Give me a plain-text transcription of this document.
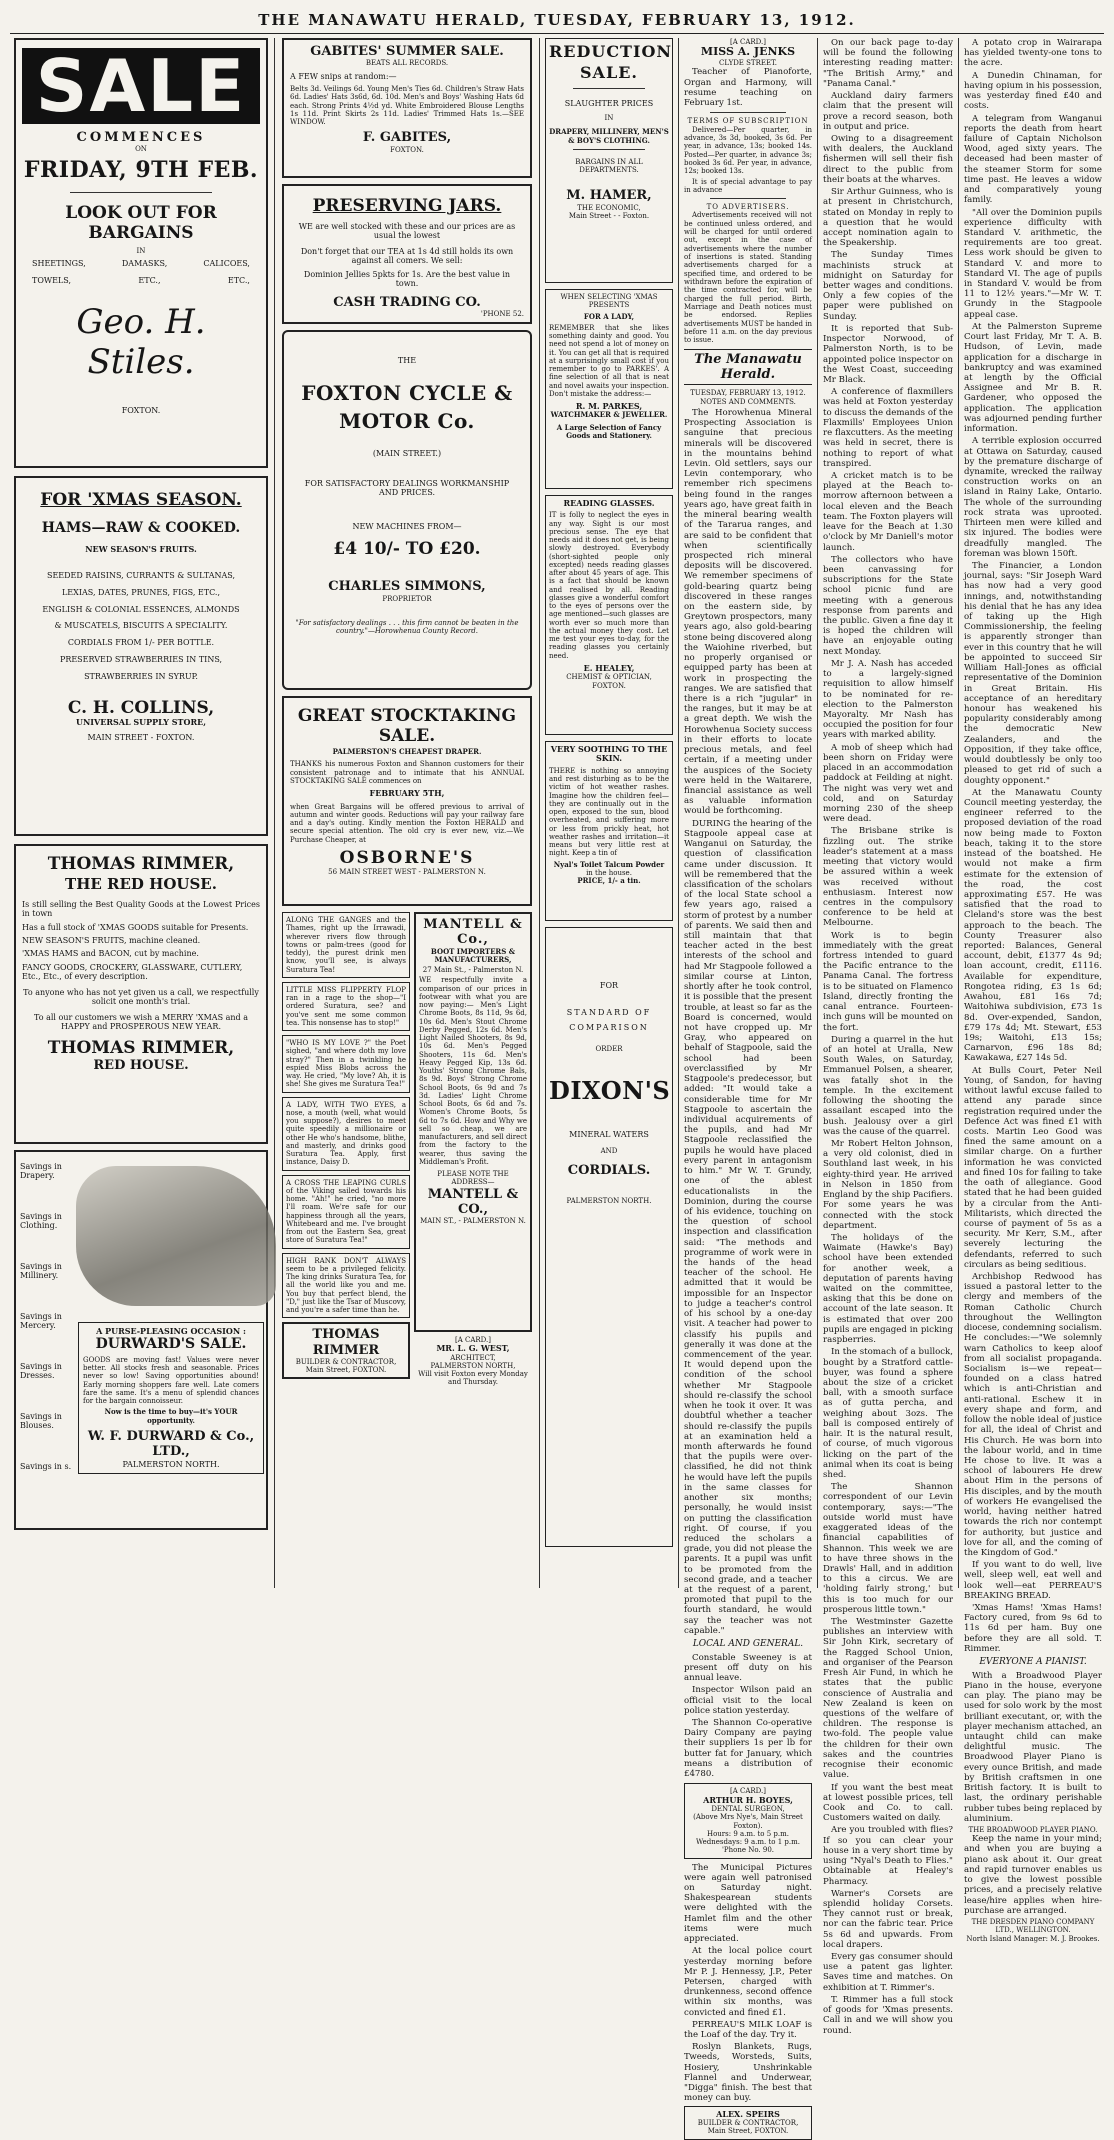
THE MANAWATU HERALD, TUESDAY, FEBRUARY 13, 1912.
SALE
COMMENCES
ON
FRIDAY, 9TH FEB.
LOOK OUT FOR BARGAINS
IN
SHEETINGS,	DAMASKS,	CALICOES,
TOWELS,	ETC.,	ETC.,
Geo. H. Stiles.
FOXTON.
FOR 'XMAS SEASON.
HAMS—RAW & COOKED.
NEW SEASON'S FRUITS.
SEEDED RAISINS, CURRANTS & SULTANAS,
LEXIAS, DATES, PRUNES, FIGS, ETC.,
ENGLISH & COLONIAL ESSENCES, ALMONDS
& MUSCATELS, BISCUITS A SPECIALITY.
CORDIALS FROM 1/- PER BOTTLE.
PRESERVED STRAWBERRIES IN TINS,
STRAWBERRIES IN SYRUP.
C. H. COLLINS,
UNIVERSAL SUPPLY STORE,
MAIN STREET - FOXTON.
THOMAS RIMMER,
THE RED HOUSE.
Is still selling the Best Quality Goods at the Lowest Prices in town
Has a full stock of 'XMAS GOODS suitable for Presents.
NEW SEASON'S FRUITS, machine cleaned.
'XMAS HAMS and BACON, cut by machine.
FANCY GOODS, CROCKERY, GLASSWARE, CUTLERY, Etc., Etc., of every description.
To anyone who has not yet given us a call, we respectfully solicit one month's trial.
To all our customers we wish a MERRY 'XMAS and a HAPPY and PROSPEROUS NEW YEAR.
THOMAS RIMMER,
RED HOUSE.
Savings in Drapery.
Savings in Clothing.
Savings in Millinery.
Savings in Mercery.
Savings in Dresses.
Savings in Blouses.
Savings in s.
A PURSE-PLEASING OCCASION :
DURWARD'S SALE.
GOODS are moving fast! Values were never better. All stocks fresh and seasonable. Prices never so low! Saving opportunities abound! Early morning shoppers fare well. Late comers fare the same. It's a menu of splendid chances for the bargain connoisseur.
Now is the time to buy—it's YOUR opportunity.
W. F. DURWARD & Co., LTD.,
PALMERSTON NORTH.
GABITES' SUMMER SALE.
BEATS ALL RECORDS.
A FEW snips at random:—
Belts 3d. Veilings 6d. Young Men's Ties 6d. Children's Straw Hats 6d. Ladies' Hats 3s6d, 6d. 10d. Men's and Boys' Washing Hats 6d each. Strong Prints 4½d yd. White Embroidered Blouse Lengths 1s 11d. Print Skirts 2s 11d. Ladies' Trimmed Hats 1s.—SEE WINDOW.
F. GABITES,
FOXTON.
PRESERVING JARS.
WE are well stocked with these and our prices are as usual the lowest
Don't forget that our TEA at 1s 4d still holds its own against all comers. We sell:
Dominion Jellies 5pkts for 1s. Are the best value in town.
CASH TRADING CO.
'PHONE 52.
THE
FOXTON CYCLE & MOTOR Co.
(MAIN STREET.)
FOR SATISFACTORY DEALINGS WORKMANSHIP AND PRICES.
NEW MACHINES FROM—
£4 10/- TO £20.
CHARLES SIMMONS,
PROPRIETOR
"For satisfactory dealings . . . this firm cannot be beaten in the country."—Horowhenua County Record.
GREAT STOCKTAKING SALE.
PALMERSTON'S CHEAPEST DRAPER.
THANKS his numerous Foxton and Shannon customers for their consistent patronage and to intimate that his ANNUAL STOCKTAKING SALE commences on
FEBRUARY 5TH,
when Great Bargains will be offered previous to arrival of autumn and winter goods. Reductions will pay your railway fare and a day's outing. Kindly mention the Foxton HERALD and secure special attention. The old cry is ever new, viz.—We Purchase Cheaper, at
OSBORNE'S
56 MAIN STREET WEST - PALMERSTON N.
ALONG THE GANGES and the Thames, right up the Irrawadi, wherever rivers flow through towns or palm-trees (good for teddy), the purest drink men know, you'll see, is always Suratura Tea!
LITTLE MISS FLIPPERTY FLOP ran in a rage to the shop—"I ordered Suratura, see? and you've sent me some common tea. This nonsense has to stop!"
"WHO IS MY LOVE ?" the Poet sighed, "and where doth my love stray?" Then in a twinkling he espied Miss Blobs across the way. He cried, "My love? Ah, it is she! She gives me Suratura Tea!"
A LADY, WITH TWO EYES, a nose, a mouth (well, what would you suppose?), desires to meet quite speedily a millionaire or other He who's handsome, blithe, and masterly, and drinks good Suratura Tea. Apply, first instance, Daisy D.
A CROSS THE LEAPING CURLS of the Viking sailed towards his home. "Ah!" he cried, "no more I'll roam. We're safe for our happiness through all the years, Whitebeard and me. I've brought from out the Eastern Sea, great store of Suratura Tea!"
HIGH RANK DON'T ALWAYS seem to be a privileged felicity. The king drinks Suratura Tea, for all the world like you and me. You buy that perfect blend, the "D," just like the Tsar of Muscovy, and you're a safer time than he.
THOMAS RIMMER
BUILDER & CONTRACTOR,
Main Street, FOXTON.
MANTELL & Co.,
BOOT IMPORTERS & MANUFACTURERS,
27 Main St., - Palmerston N.
WE respectfully invite a comparison of our prices in footwear with what you are now paying:— Men's Light Chrome Boots, 8s 11d, 9s 6d, 10s 6d. Men's Stout Chrome Derby Pegged, 12s 6d. Men's Light Nailed Shooters, 8s 9d, 10s 6d. Men's Pegged Shooters, 11s 6d. Men's Heavy Pegged Kip, 13s 6d. Youths' Strong Chrome Bals, 8s 9d. Boys' Strong Chrome School Boots, 6s 9d and 7s 3d. Ladies' Light Chrome School Boots, 6s 6d and 7s. Women's Chrome Boots, 5s 6d to 7s 6d. How and Why we sell so cheap, we are manufacturers, and sell direct from the factory to the wearer, thus saving the Middleman's Profit.
PLEASE NOTE THE ADDRESS—
MANTELL & CO.,
MAIN ST., - PALMERSTON N.
[A CARD.]
MR. L. G. WEST,
ARCHITECT,
PALMERSTON NORTH,
Will visit Foxton every Monday and Thursday.
REDUCTION SALE.
SLAUGHTER PRICES
IN
DRAPERY, MILLINERY, MEN'S & BOY'S CLOTHING.
BARGAINS IN ALL DEPARTMENTS.
M. HAMER,
THE ECONOMIC,
Main Street - - Foxton.
WHEN SELECTING 'XMAS PRESENTS
FOR A LADY,
REMEMBER that she likes something dainty and good. You need not spend a lot of money on it. You can get all that is required at a surprisingly small cost if you remember to go to PARKES'. A fine selection of all that is neat and novel awaits your inspection. Don't mistake the address:—
R. M. PARKES,
WATCHMAKER & JEWELLER.
A Large Selection of Fancy Goods and Stationery.
READING GLASSES.
IT is folly to neglect the eyes in any way. Sight is our most precious sense. The eye that needs aid it does not get, is being slowly destroyed. Everybody (short-sighted people only excepted) needs reading glasses after about 45 years of age. This is a fact that should be known and realised by all. Reading glasses give a wonderful comfort to the eyes of persons over the age mentioned—such glasses are worth ever so much more than the actual money they cost. Let me test your eyes to-day, for the reading glasses you certainly need.
E. HEALEY,
CHEMIST & OPTICIAN,
FOXTON.
VERY SOOTHING TO THE SKIN.
THERE is nothing so annoying and rest disturbing as to be the victim of hot weather rashes. Imagine how the children feel—they are continually out in the open, exposed to the sun, blood overheated, and suffering more or less from prickly heat, hot weather rashes and irritation—it means but very little rest at night. Keep a tin of
Nyal's Toilet Talcum Powder
in the house.
PRICE, 1/- a tin.
FOR
STANDARD OF COMPARISON
ORDER
DIXON'S
MINERAL WATERS
AND
CORDIALS.
PALMERSTON NORTH.
[A CARD.]
MISS A. JENKS
CLYDE STREET.

Teacher of Pianoforte, Organ and Harmony, will resume teaching on February 1st.

TERMS OF SUBSCRIPTION

Delivered—Per quarter, in advance, 3s 3d, booked, 3s 6d. Per year, in advance, 13s; booked 14s. Posted—Per quarter, in advance 3s; booked 3s 6d. Per year, in advance, 12s; booked 13s.

It is of special advantage to pay in advance

TO ADVERTISERS.

Advertisements received will not be continued unless ordered, and will be charged for until ordered out, except in the case of advertisements where the number of insertions is stated. Standing advertisements charged for a specified time, and ordered to be withdrawn before the expiration of the time contracted for, will be charged the full period. Birth, Marriage and Death notices must be endorsed. Replies advertisements MUST be handed in before 11 a.m. on the day previous to issue.

The Manawatu Herald.
TUESDAY, FEBRUARY 13, 1912.
NOTES AND COMMENTS.

The Horowhenua Mineral Prospecting Association is sanguine that precious minerals will be discovered in the mountains behind Levin. Old settlers, says our Levin contemporary, who remember rich specimens being found in the ranges years ago, have great faith in the mineral bearing wealth of the Tararua ranges, and are said to be confident that when scientifically prospected rich mineral deposits will be discovered. We remember specimens of gold-bearing quartz being discovered in these ranges on the eastern side, by Greytown prospectors, many years ago, also gold-bearing stone being discovered along the Waiohine riverbed, but no properly organised or equipped party has been at work in prospecting the ranges. We are satisfied that there is a rich "jugular" in the ranges, but it may be at a great depth. We wish the Horowhenua Society success in their efforts to locate precious metals, and feel certain, if a meeting under the auspices of the Society were held in the Waitarere, financial assistance as well as valuable information would be forthcoming.

DURING the hearing of the Stagpoole appeal case at Wanganui on Saturday, the question of classification came under discussion. It will be remembered that the classification of the scholars of the local State school a few years ago, raised a storm of protest by a number of parents. We said then and still maintain that that teacher acted in the best interests of the school and had Mr Stagpoole followed a similar course at Linton, shortly after he took control, it is possible that the present trouble, at least so far as the Board is concerned, would not have cropped up. Mr Gray, who appeared on behalf of Stagpoole, said the school had been overclassified by Mr Stagpoole's predecessor, but added: "It would take a considerable time for Mr Stagpoole to ascertain the individual acquirements of the pupils, and had Mr Stagpoole reclassified the pupils he would have placed every parent in antagonism to him." Mr W. T. Grundy, one of the ablest educationalists in the Dominion, during the course of his evidence, touching on the question of school inspection and classification said: "The methods and programme of work were in the hands of the head teacher of the school. He admitted that it would be impossible for an Inspector to judge a teacher's control of his school by a one-day visit. A teacher had power to classify his pupils and generally it was done at the commencement of the year. It would depend upon the condition of the school whether Mr Stagpoole should re-classify the school when he took it over. It was doubtful whether a teacher should re-classify the pupils at an examination held a month afterwards he found that the pupils were over-classified, he did not think he would have left the pupils in the same classes for another six months; personally, he would insist on putting the classification right. Of course, if you reduced the scholars a grade, you did not please the parents. It a pupil was unfit to be promoted from the second grade, and a teacher at the request of a parent, promoted that pupil to the fourth standard, he would say the teacher was not capable."

LOCAL AND GENERAL.

Constable Sweeney is at present off duty on his annual leave.

Inspector Wilson paid an official visit to the local police station yesterday.

The Shannon Co-operative Dairy Company are paying their suppliers 1s per lb for butter fat for January, which means a distribution of £4780.

[A CARD.]
ARTHUR H. BOYES,
DENTAL SURGEON,
(Above Mrs Nye's, Main Street Foxton).
Hours: 9 a.m. to 5 p.m. Wednesdays: 9 a.m. to 1 p.m.
'Phone No. 90.

The Municipal Pictures were again well patronised on Saturday night. Shakespearean students were delighted with the Hamlet film and the other items were much appreciated.

At the local police court yesterday morning before Mr P. J. Hennessy, J.P., Peter Petersen, charged with drunkenness, second offence within six months, was convicted and fined £1.

PERREAU'S MILK LOAF is the Loaf of the day. Try it.

Roslyn Blankets, Rugs, Tweeds, Worsteds, Suits, Hosiery, Unshrinkable Flannel and Underwear, "Digga" finish. The best that money can buy.

ALEX. SPEIRS
BUILDER & CONTRACTOR,
Main Street, FOXTON.

On our back page to-day will be found the following interesting reading matter: "The British Army," and "Panama Canal."

Auckland dairy farmers claim that the present will prove a record season, both in output and price.

Owing to a disagreement with dealers, the Auckland fishermen will sell their fish direct to the public from their boats at the wharves.

Sir Arthur Guinness, who is at present in Christchurch, stated on Monday in reply to a question that he would accept nomination again to the Speakership.

The Sunday Times machinists struck at midnight on Saturday for better wages and conditions. Only a few copies of the paper were published on Sunday.

It is reported that Sub-Inspector Norwood, of Palmerston North, is to be appointed police inspector on the West Coast, succeeding Mr Black.

A conference of flaxmillers was held at Foxton yesterday to discuss the demands of the Flaxmills' Employees Union re flaxcutters. As the meeting was held in secret, there is nothing to report of what transpired.

A cricket match is to be played at the Beach to-morrow afternoon between a local eleven and the Beach team. The Foxton players will leave for the Beach at 1.30 o'clock by Mr Daniell's motor launch.

The collectors who have been canvassing for subscriptions for the State school picnic fund are meeting with a generous response from parents and the public. Given a fine day it is hoped the children will have an enjoyable outing next Monday.

Mr J. A. Nash has acceded to a largely-signed requisition to allow himself to be nominated for re-election to the Palmerston Mayoralty. Mr Nash has occupied the position for four years with marked ability.

A mob of sheep which had been shorn on Friday were placed in an accommodation paddock at Feilding at night. The night was very wet and cold, and on Saturday morning 230 of the sheep were dead.

The Brisbane strike is fizzling out. The strike leader's statement at a mass meeting that victory would be assured within a week was received without enthusiasm. Interest now centres in the compulsory conference to be held at Melbourne.

Work is to begin immediately with the great fortress intended to guard the Pacific entrance to the Panama Canal. The fortress is to be situated on Flamenco Island, directly fronting the canal entrance. Fourteen-inch guns will be mounted on the fort.

During a quarrel in the hut of an hotel at Uralla, New South Wales, on Saturday, Emmanuel Polsen, a shearer, was fatally shot in the temple. In the excitement following the shooting the assailant escaped into the bush. Jealousy over a girl was the cause of the quarrel.

Mr Robert Helton Johnson, a very old colonist, died in Southland last week, in his eighty-third year. He arrived in Nelson in 1850 from England by the ship Pacifiers. For some years he was connected with the stock department.

The holidays of the Waimate (Hawke's Bay) school have been extended for another week, a deputation of parents having waited on the committee, asking that this be done on account of the late season. It is estimated that over 200 pupils are engaged in picking raspberries.

In the stomach of a bullock, bought by a Stratford cattle-buyer, was found a sphere about the size of a cricket ball, with a smooth surface as of gutta percha, and weighing about 3ozs. The ball is composed entirely of hair. It is the natural result, of course, of much vigorous licking on the part of the animal when its coat is being shed.

The Shannon correspondent of our Levin contemporary, says:—"The outside world must have exaggerated ideas of the financial capabilities of Shannon. This week we are to have three shows in the Drawls' Hall, and in addition to this a circus. We are 'holding fairly strong,' but this is too much for our prosperous little town."

The Westminster Gazette publishes an interview with Sir John Kirk, secretary of the Ragged School Union, and organiser of the Pearson Fresh Air Fund, in which he states that the public conscience of Australia and New Zealand is keen on questions of the welfare of children. The response is two-fold. The people value the children for their own sakes and the countries recognise their economic value.

If you want the best meat at lowest possible prices, tell Cook and Co. to call. Customers waited on daily.

Are you troubled with flies? If so you can clear your house in a very short time by using "Nyal's Death to Flies." Obtainable at Healey's Pharmacy.

Warner's Corsets are splendid holiday Corsets. They cannot rust or break, nor can the fabric tear. Price 5s 6d and upwards. From local drapers.

Every gas consumer should use a patent gas lighter. Saves time and matches. On exhibition at T. Rimmer's.

T. Rimmer has a full stock of goods for 'Xmas presents. Call in and we will show you round.

A potato crop in Wairarapa has yielded twenty-one tons to the acre.

A Dunedin Chinaman, for having opium in his possession, was yesterday fined £40 and costs.

A telegram from Wanganui reports the death from heart failure of Captain Nicholson Wood, aged sixty years. The deceased had been master of the steamer Storm for some time past. He leaves a widow and comparatively young family.

"All over the Dominion pupils experience difficulty with Standard V. arithmetic, the requirements are too great. Less work should be given to Standard V. and more to Standard VI. The age of pupils in Standard V. would be from 11 to 12½ years."—Mr W. T. Grundy in the Stagpoole appeal case.

At the Palmerston Supreme Court last Friday, Mr T. A. B. Hudson, of Levin, made application for a discharge in bankruptcy and was examined at length by the Official Assignee and Mr B. R. Gardener, who opposed the application. The application was adjourned pending further information.

A terrible explosion occurred at Ottawa on Saturday, caused by the premature discharge of dynamite, wrecked the railway construction works on an island in Rainy Lake, Ontario. The whole of the surrounding rock strata was uprooted. Thirteen men were killed and six injured. The bodies were dreadfully mangled. The foreman was blown 150ft.

The Financier, a London journal, says: "Sir Joseph Ward has now had a very good innings, and, notwithstanding his denial that he has any idea of taking up the High Commissionership, the feeling is apparently stronger than ever in this country that he will be appointed to succeed Sir William Hall-Jones as official representative of the Dominion in Great Britain. His acceptance of an hereditary honour has weakened his popularity considerably among the democratic New Zealanders, and the Opposition, if they take office, would doubtlessly be only too pleased to get rid of such a doughty opponent."

At the Manawatu County Council meeting yesterday, the engineer referred to the proposed deviation of the road now being made to Foxton beach, taking it to the store instead of the boatshed. He would not make a firm estimate for the extension of the road, the cost approximating £57. He was satisfied that the road to Cleland's store was the best approach to the beach. The County Treasurer also reported: Balances, General account, debit, £1377 4s 9d; loan account, credit, £1116. Available for expenditure, Rongotea riding, £3 1s 6d; Awahou, £81 16s 7d; Waitohiwa subdivision, £73 1s 8d. Over-expended, Sandon, £79 17s 4d; Mt. Stewart, £53 19s; Waitohi, £13 15s; Carnarvon, £96 18s 8d; Kawakawa, £27 14s 5d.

At Bulls Court, Peter Neil Young, of Sandon, for having without lawful excuse failed to attend any parade since registration required under the Defence Act was fined £1 with costs. Martin Leo Good was fined the same amount on a similar charge. On a further information he was convicted and fined 10s for failing to take the oath of allegiance. Good stated that he had been guided by a circular from the Anti-Militarists, which directed the course of payment of 5s as a security. Mr Kerr, S.M., after severely lecturing the defendants, referred to such circulars as being seditious.

Archbishop Redwood has issued a pastoral letter to the clergy and members of the Roman Catholic Church throughout the Wellington diocese, condemning socialism. He concludes:—"We solemnly warn Catholics to keep aloof from all socialist propaganda. Socialism is—we repeat—founded on a class hatred which is anti-Christian and anti-rational. Eschew it in every shape and form, and follow the noble ideal of justice for all, the ideal of Christ and His Church. He was born into the labour world, and in time He chose to live. It was a school of labourers He drew about Him in the persons of His disciples, and by the mouth of workers He evangelised the world, having neither hatred towards the rich nor contempt for authority, but justice and love for all, and the coming of the Kingdom of God."

If you want to do well, live well, sleep well, eat well and look well—eat PERREAU'S BREAKING BREAD.

'Xmas Hams! 'Xmas Hams! Factory cured, from 9s 6d to 11s 6d per ham. Buy one before they are all sold. T. Rimmer.

EVERYONE A PIANIST.

With a Broadwood Player Piano in the house, everyone can play. The piano may be used for solo work by the most brilliant executant, or, with the player mechanism attached, an untaught child can make delightful music. The Broadwood Player Piano is every ounce British, and made by British craftsmen in one British factory. It is built to last, the ordinary perishable rubber tubes being replaced by aluminium.

THE BROADWOOD PLAYER PIANO.

Keep the name in your mind; and when you are buying a piano ask about it. Our great and rapid turnover enables us to give the lowest possible prices, and a precisely relative lease/hire applies when hire-purchase are arranged.

THE DRESDEN PIANO COMPANY LTD., WELLINGTON.
North Island Manager: M. J. Brookes.
